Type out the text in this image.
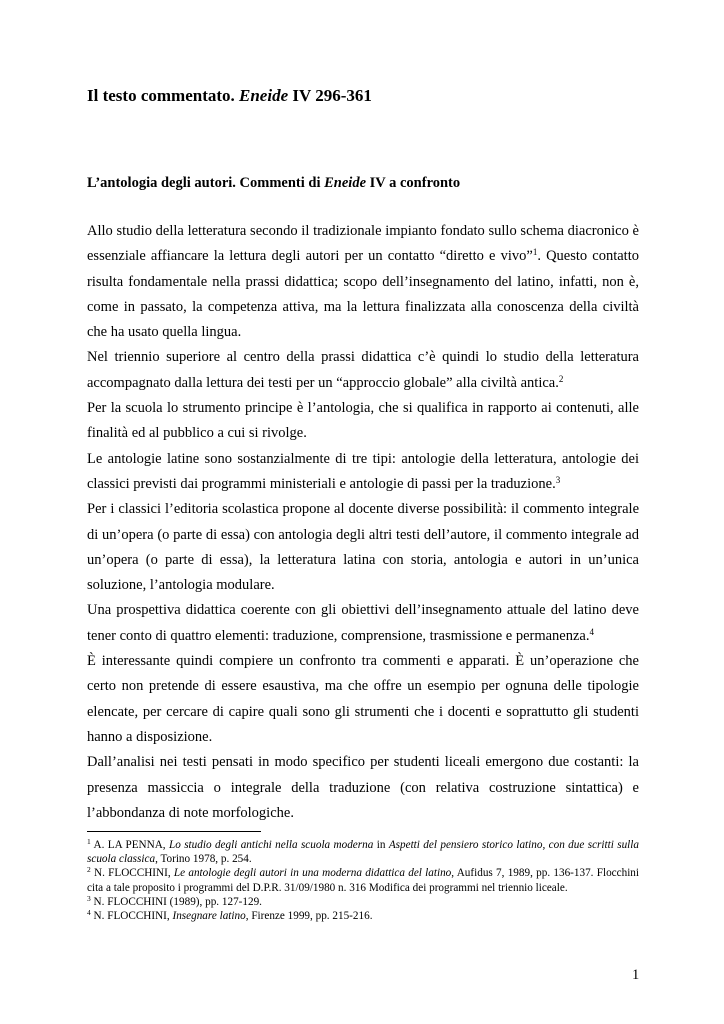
Il testo commentato. Eneide IV 296-361
L’antologia degli autori. Commenti di Eneide IV a confronto

Allo studio della letteratura secondo il tradizionale impianto fondato sullo schema diacronico è essenziale affiancare la lettura degli autori per un contatto “diretto e vivo”$^1$. Questo contatto risulta fondamentale nella prassi didattica; scopo dell’insegnamento del latino, infatti, non è, come in passato, la competenza attiva, ma la lettura finalizzata alla conoscenza della civiltà che ha usato quella lingua.

Nel triennio superiore al centro della prassi didattica c’è quindi lo studio della letteratura accompagnato dalla lettura dei testi per un “approccio globale” alla civiltà antica.$^2$

Per la scuola lo strumento principe è l’antologia, che si qualifica in rapporto ai contenuti, alle finalità ed al pubblico a cui si rivolge.

Le antologie latine sono sostanzialmente di tre tipi: antologie della letteratura, antologie dei classici previsti dai programmi ministeriali e antologie di passi per la traduzione.$^3$

Per i classici l’editoria scolastica propone al docente diverse possibilità: il commento integrale di un’opera (o parte di essa) con antologia degli altri testi dell’autore, il commento integrale ad un’opera (o parte di essa), la letteratura latina con storia, antologia e autori in un’unica soluzione, l’antologia modulare.

Una prospettiva didattica coerente con gli obiettivi dell’insegnamento attuale del latino deve tener conto di quattro elementi: traduzione, comprensione, trasmissione e permanenza.$^4$

È interessante quindi compiere un confronto tra commenti e apparati. È un’operazione che certo non pretende di essere esaustiva, ma che offre un esempio per ognuna delle tipologie elencate, per cercare di capire quali sono gli strumenti che i docenti e soprattutto gli studenti hanno a disposizione.

Dall’analisi nei testi pensati in modo specifico per studenti liceali emergono due costanti: la presenza massiccia o integrale della traduzione (con relativa costruzione sintattica) e l’abbondanza di note morfologiche.

$^1$ A. LA PENNA, Lo studio degli antichi nella scuola moderna in Aspetti del pensiero storico latino, con due scritti sulla scuola classica, Torino 1978, p. 254.

$^2$ N. FLOCCHINI, Le antologie degli autori in una moderna didattica del latino, Aufidus 7, 1989, pp. 136-137. Flocchini cita a tale proposito i programmi del D.P.R. 31/09/1980 n. 316 Modifica dei programmi nel triennio liceale.

$^3$ N. FLOCCHINI (1989), pp. 127-129.

$^4$ N. FLOCCHINI, Insegnare latino, Firenze 1999, pp. 215-216.

1
